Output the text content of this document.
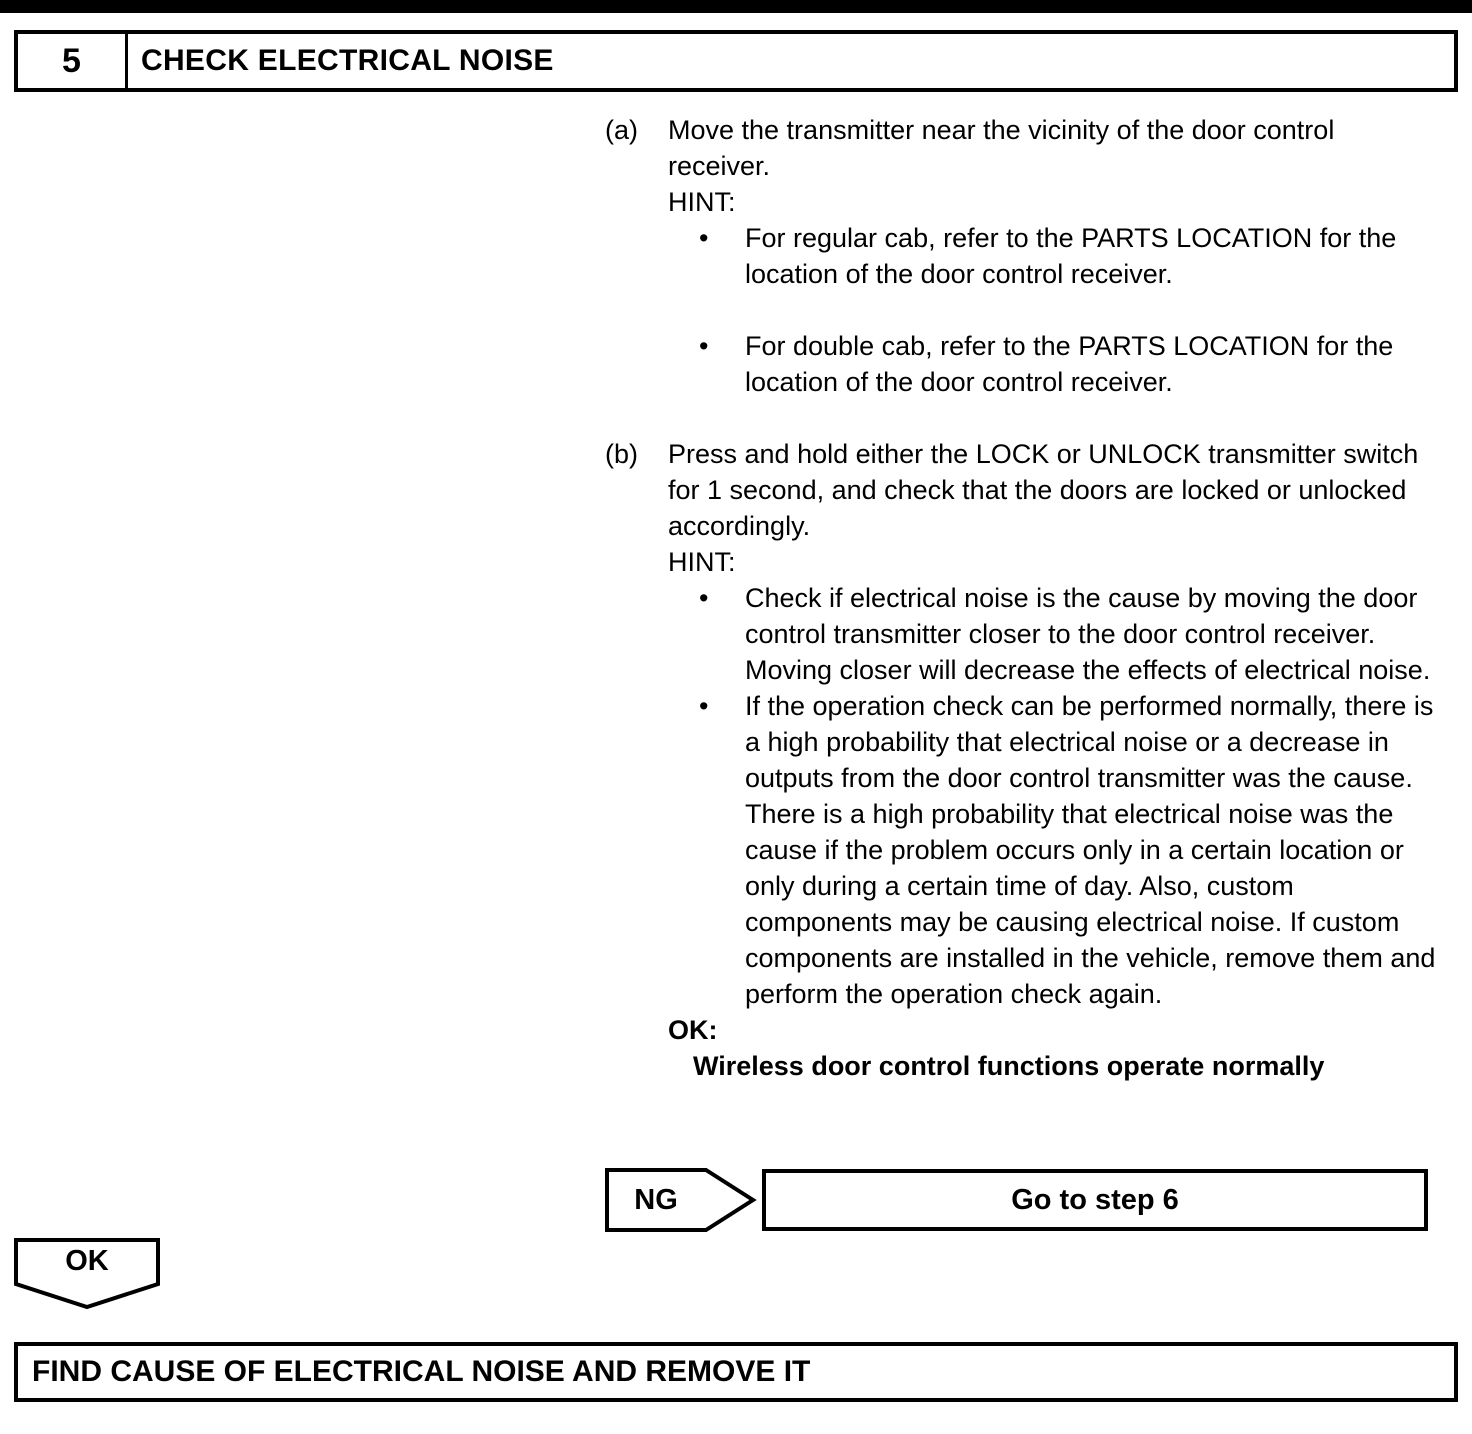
5	CHECK ELECTRICAL NOISE
(a)	Move the transmitter near the vicinity of the door control receiver.

HINT:

•	For regular cab, refer to the PARTS LOCATION for the location of the door control receiver.

•	For double cab, refer to the PARTS LOCATION for the location of the door control receiver.

(b)	Press and hold either the LOCK or UNLOCK transmitter switch for 1 second, and check that the doors are locked or unlocked accordingly.

HINT:

•	Check if electrical noise is the cause by moving the door control transmitter closer to the door control receiver. Moving closer will decrease the effects of electrical noise.

•	If the operation check can be performed normally, there is a high probability that electrical noise or a decrease in outputs from the door control transmitter was the cause. There is a high probability that electrical noise was the cause if the problem occurs only in a certain location or only during a certain time of day. Also, custom components may be causing electrical noise. If custom components are installed in the vehicle, remove them and perform the operation check again.

OK:

Wireless door control functions operate normally

NG	Go to step 6
OK
FIND CAUSE OF ELECTRICAL NOISE AND REMOVE IT
